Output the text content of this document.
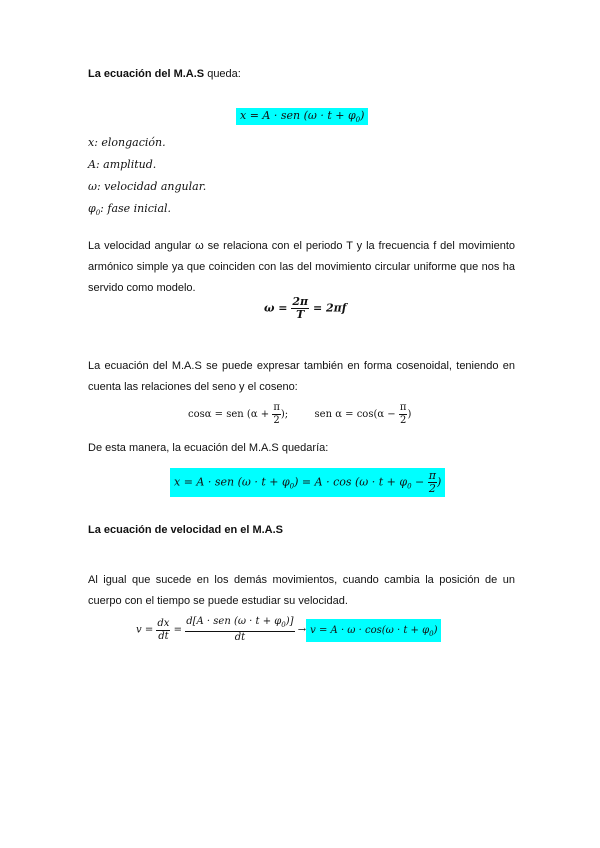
La ecuación del M.A.S queda:
x = A · sen $(\omega \cdot t + \varphi_0)$
x: elongación.
A: amplitud.
ω: velocidad angular.
$\varphi_0$: fase inicial.
La velocidad angular ω se relaciona con el periodo T y la frecuencia f del movimiento armónico simple ya que coinciden con las del movimiento circular uniforme que nos ha servido como modelo.
$\omega = \frac{2\pi}{T} = 2\pi f$
La ecuación del M.A.S se puede expresar también en forma cosenoidal, teniendo en cuenta las relaciones del seno y el coseno:
cosα = sen ($\alpha + \frac{\pi}{2}$ );	sen $\alpha = \cos(\alpha - \frac{\pi}{2}$ )
De esta manera, la ecuación del M.A.S quedaría:
x = A · sen $(\omega \cdot t + \varphi_0) = A \cdot \cos (\omega \cdot t + \varphi_0 - \frac{\pi}{2}$ )
La ecuación de velocidad en el M.A.S
Al igual que sucede en los demás movimientos, cuando cambia la posición de un cuerpo con el tiempo se puede estudiar su velocidad.
$v = \frac{dx}{dt}$ =
d[A · sen $(\omega \cdot t + \varphi_0)$]
dt
→ $v = A \cdot \omega \cdot \cos(\omega \cdot t + \varphi_0)$
